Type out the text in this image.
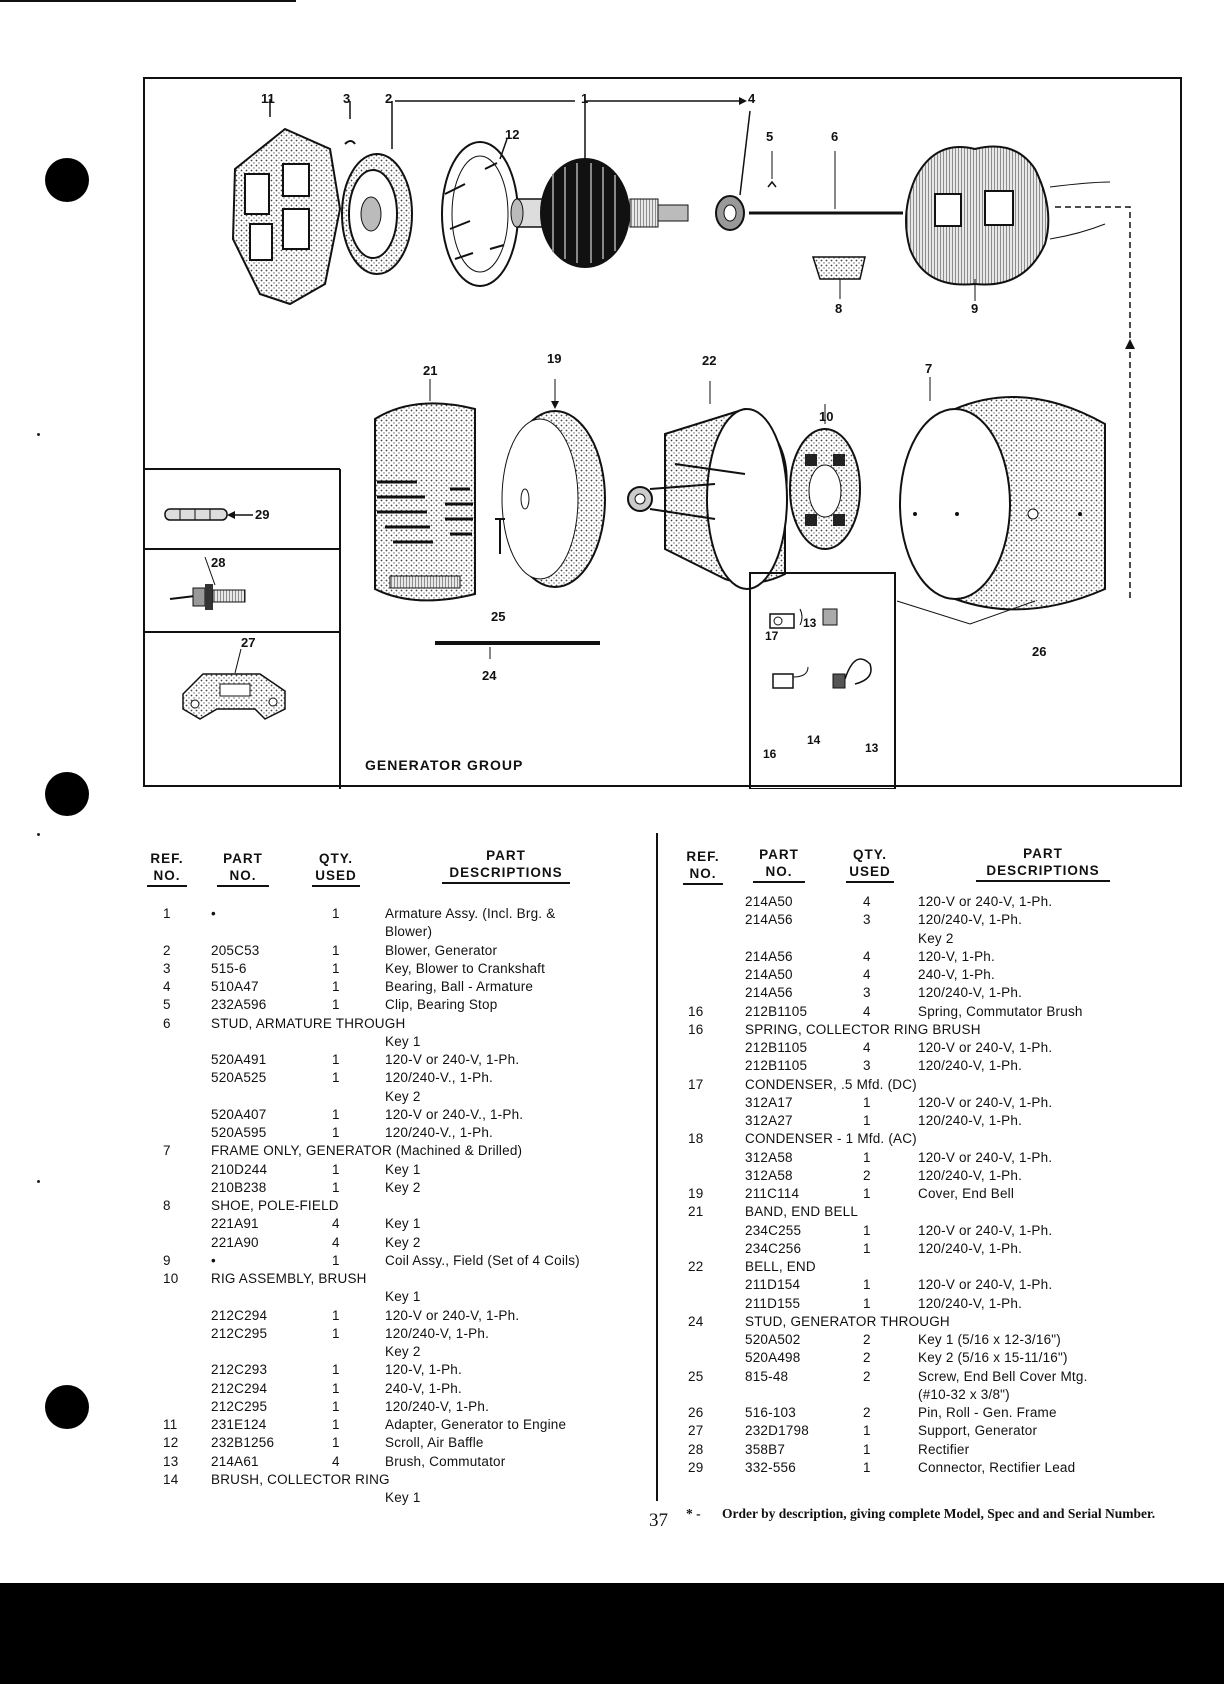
11	3	2	1	4
12	5	6
8	9
7
21
19	22
10
29
28
27
25
24
26
17
13
16
14
13
GENERATOR GROUP
REF. NO.
PART NO.
QTY. USED
PART DESCRIPTIONS
1	•	1	Armature Assy. (Incl. Brg. &
Blower)
2	205C53	1	Blower, Generator
3	515-6	1	Key, Blower to Crankshaft
4	510A47	1	Bearing, Ball - Armature
5	232A596	1	Clip, Bearing Stop
6	STUD, ARMATURE THROUGH
Key 1
520A491	1	120-V or 240-V, 1-Ph.
520A525	1	120/240-V., 1-Ph.
Key 2
520A407	1	120-V or 240-V., 1-Ph.
520A595	1	120/240-V., 1-Ph.
7	FRAME ONLY, GENERATOR (Machined & Drilled)
210D244	1	Key 1
210B238	1	Key 2
8	SHOE, POLE-FIELD
221A91	4	Key 1
221A90	4	Key 2
9	•	1	Coil Assy., Field (Set of 4 Coils)
10 RIG ASSEMBLY, BRUSH
Key 1
212C294	1	120-V or 240-V, 1-Ph.
212C295	1	120/240-V, 1-Ph.
Key 2
212C293	1	120-V, 1-Ph.
212C294	1	240-V, 1-Ph.
212C295	1	120/240-V, 1-Ph.
11 231E124	1	Adapter, Generator to Engine
12 232B1256	1	Scroll, Air Baffle
13 214A61	4	Brush, Commutator
14 BRUSH, COLLECTOR RING
Key 1
REF. NO.
PART NO.
QTY. USED
PART DESCRIPTIONS
214A50	4	120-V or 240-V, 1-Ph.
214A56	3	120/240-V, 1-Ph.
Key 2
214A56	4	120-V, 1-Ph.
214A50	4	240-V, 1-Ph.
214A56	3	120/240-V, 1-Ph.
16	212B1105	4	Spring, Commutator Brush
16	SPRING, COLLECTOR RING BRUSH
212B1105	4	120-V or 240-V, 1-Ph.
212B1105	3	120/240-V, 1-Ph.
17	CONDENSER, .5 Mfd. (DC)
312A17	1	120-V or 240-V, 1-Ph.
312A27	1	120/240-V, 1-Ph.
18	CONDENSER - 1 Mfd. (AC)
312A58	1	120-V or 240-V, 1-Ph.
312A58	2	120/240-V, 1-Ph.
19	211C114	1	Cover, End Bell
21	BAND, END BELL
234C255	1	120-V or 240-V, 1-Ph.
234C256	1	120/240-V, 1-Ph.
22	BELL, END
211D154	1	120-V or 240-V, 1-Ph.
211D155	1	120/240-V, 1-Ph.
24	STUD, GENERATOR THROUGH
520A502	2	Key 1 (5/16 x 12-3/16")
520A498	2	Key 2 (5/16 x 15-11/16")
25	815-48	2	Screw, End Bell Cover Mtg.
(#10-32 x 3/8")
26	516-103	2	Pin, Roll - Gen. Frame
27	232D1798	1	Support, Generator
28	358B7	1	Rectifier
29	332-556	1	Connector, Rectifier Lead
37 * - Order by description, giving complete Model, Spec and and Serial Number.
